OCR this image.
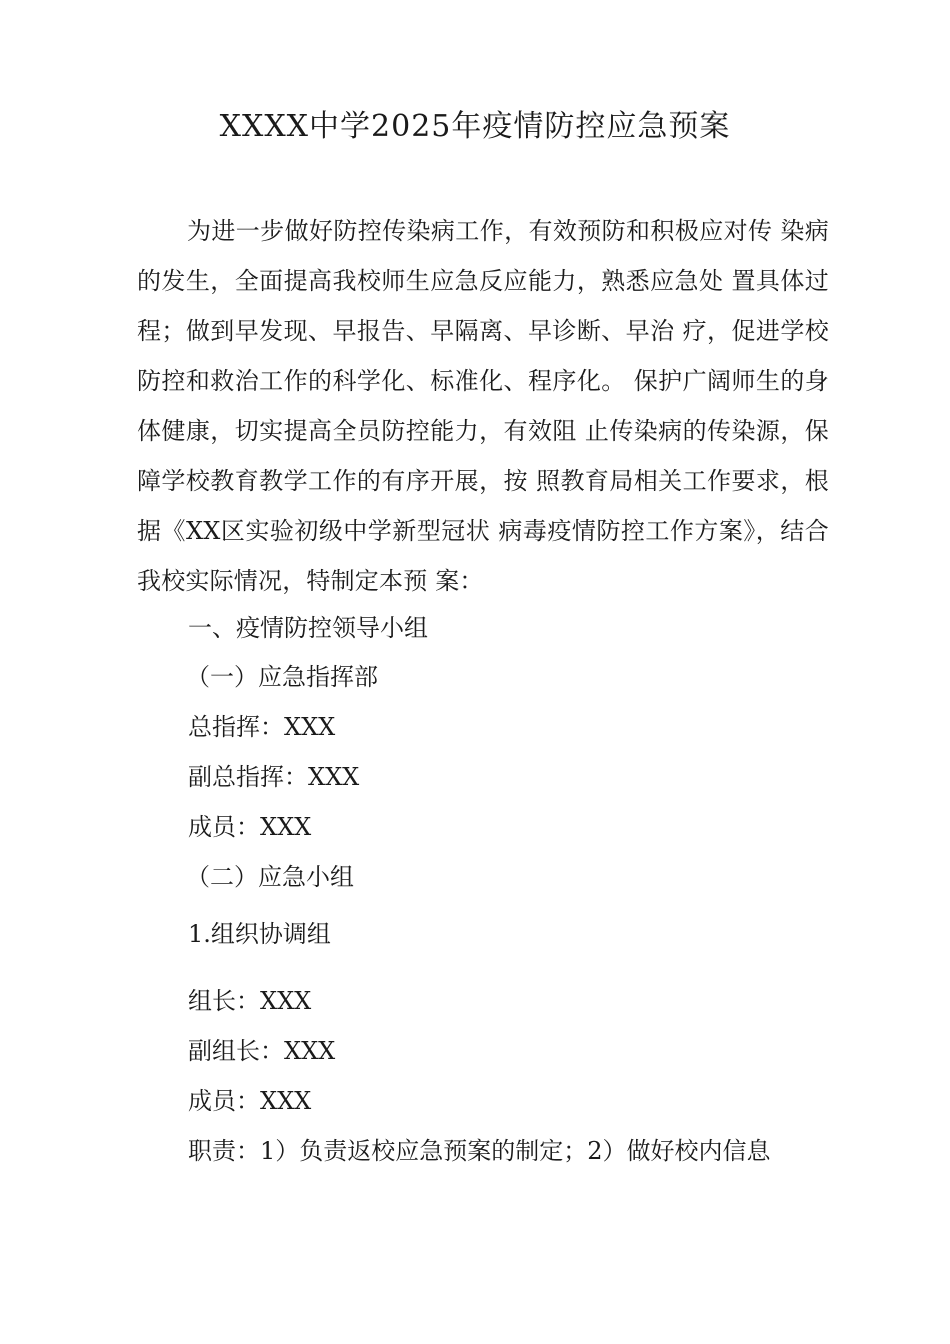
XXXX中学2025年疫情防控应急预案
为进一步做好防控传染病工作，有效预防和积极应对传 染病的发生，全面提高我校师生应急反应能力，熟悉应急处 置具体过程；做到早发现、早报告、早隔离、早诊断、早治 疗，促进学校防控和救治工作的科学化、标准化、程序化。 保护广阔师生的身体健康，切实提高全员防控能力，有效阻 止传染病的传染源，保障学校教育教学工作的有序开展，按 照教育局相关工作要求，根据《XX区实验初级中学新型冠状 病毒疫情防控工作方案》，结合我校实际情况，特制定本预 案：
一、疫情防控领导小组
（一）应急指挥部
总指挥：XXX
副总指挥：XXX
成员：XXX
（二）应急小组
1.组织协调组
组长：XXX
副组长：XXX
成员：XXX
职责：1）负责返校应急预案的制定；2）做好校内信息
